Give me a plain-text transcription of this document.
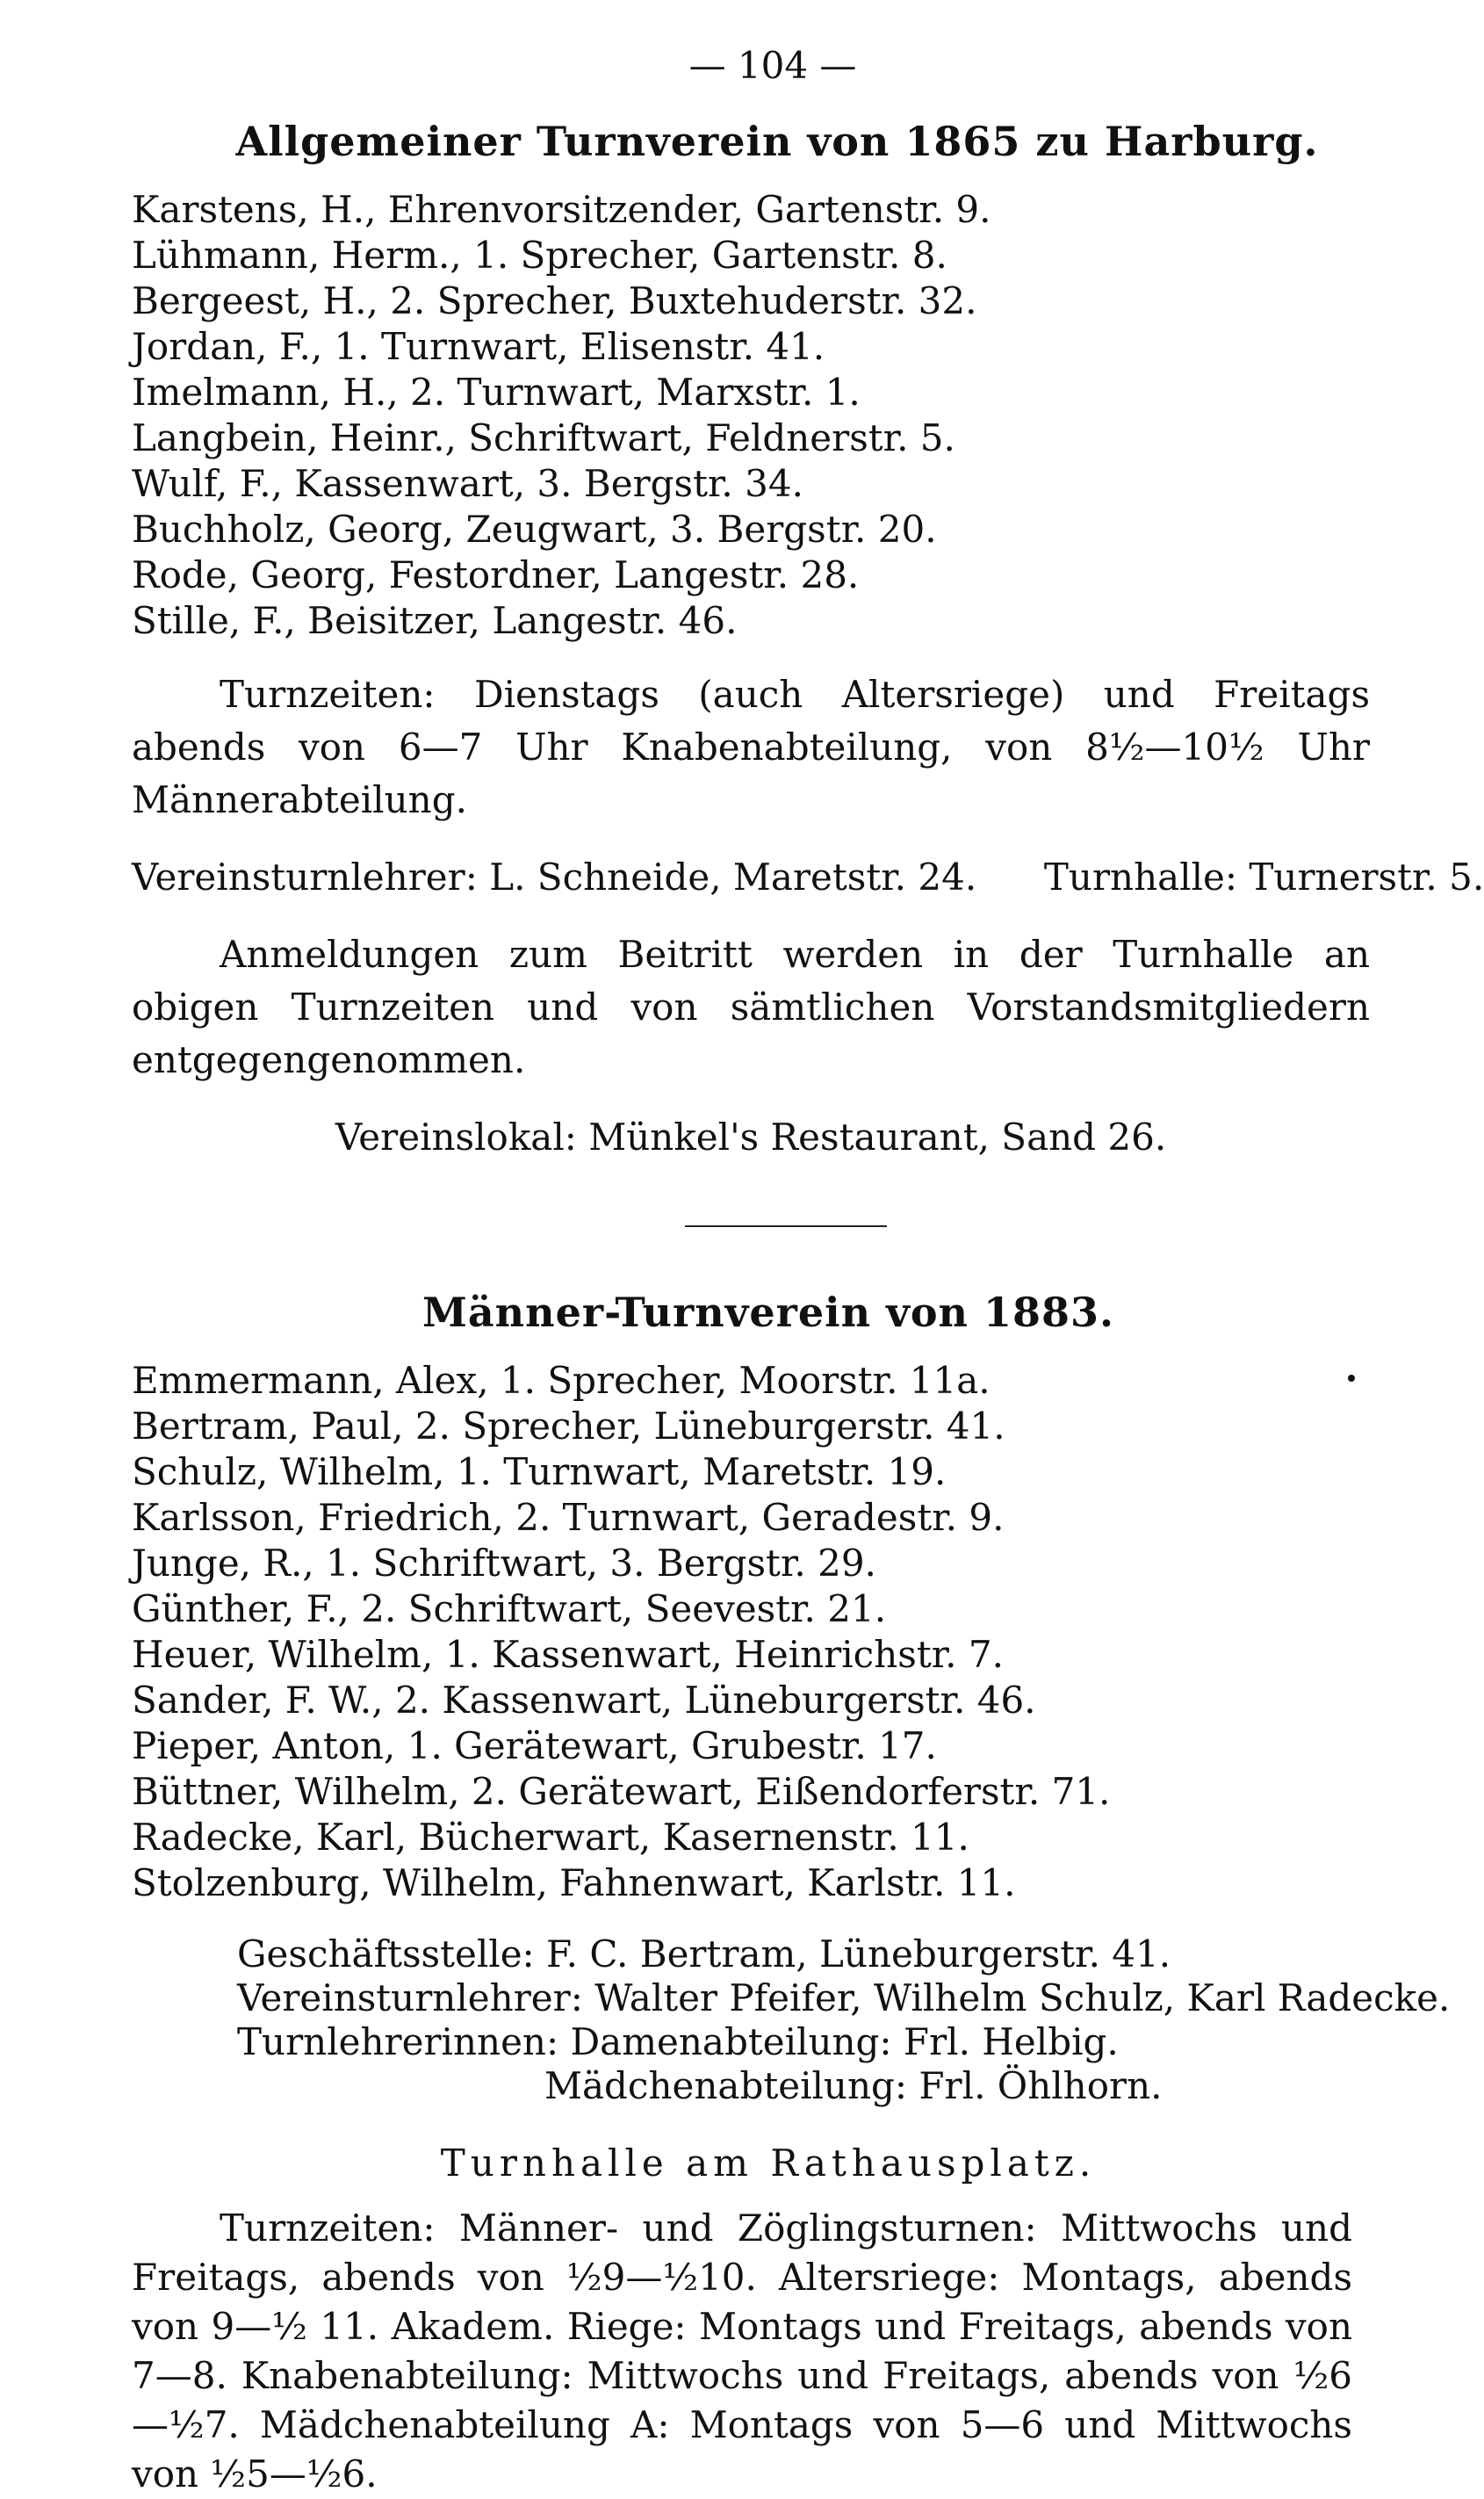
— 104 —
Allgemeiner Turnverein von 1865 zu Harburg.
Karstens, H., Ehrenvorsitzender, Gartenstr. 9.
Lühmann, Herm., 1. Sprecher, Gartenstr. 8.
Bergeest, H., 2. Sprecher, Buxtehuderstr. 32.
Jordan, F., 1. Turnwart, Elisenstr. 41.
Imelmann, H., 2. Turnwart, Marxstr. 1.
Langbein, Heinr., Schriftwart, Feldnerstr. 5.
Wulf, F., Kassenwart, 3. Bergstr. 34.
Buchholz, Georg, Zeugwart, 3. Bergstr. 20.
Rode, Georg, Festordner, Langestr. 28.
Stille, F., Beisitzer, Langestr. 46.

Turnzeiten: Dienstags (auch Altersriege) und Freitags abends von 6—7 Uhr Knabenabteilung, von 8½—10½ Uhr Männerabteilung.

Vereinsturnlehrer: L. Schneide, Maretstr. 24. Turnhalle: Turnerstr. 5.

Anmeldungen zum Beitritt werden in der Turnhalle an obigen Turnzeiten und von sämtlichen Vorstandsmitgliedern entgegengenommen.

Vereinslokal: Münkel's Restaurant, Sand 26.

Männer-Turnverein von 1883.
Emmermann, Alex, 1. Sprecher, Moorstr. 11a.
Bertram, Paul, 2. Sprecher, Lüneburgerstr. 41.
Schulz, Wilhelm, 1. Turnwart, Maretstr. 19.
Karlsson, Friedrich, 2. Turnwart, Geradestr. 9.
Junge, R., 1. Schriftwart, 3. Bergstr. 29.
Günther, F., 2. Schriftwart, Seevestr. 21.
Heuer, Wilhelm, 1. Kassenwart, Heinrichstr. 7.
Sander, F. W., 2. Kassenwart, Lüneburgerstr. 46.
Pieper, Anton, 1. Gerätewart, Grubestr. 17.
Büttner, Wilhelm, 2. Gerätewart, Eißendorferstr. 71.
Radecke, Karl, Bücherwart, Kasernenstr. 11.
Stolzenburg, Wilhelm, Fahnenwart, Karlstr. 11.
Geschäftsstelle: F. C. Bertram, Lüneburgerstr. 41.
Vereinsturnlehrer: Walter Pfeifer, Wilhelm Schulz, Karl Radecke.
Turnlehrerinnen: Damenabteilung: Frl. Helbig.
Mädchenabteilung: Frl. Öhlhorn.
Turnhalle am Rathausplatz.

Turnzeiten: Männer- und Zöglingsturnen: Mittwochs und Freitags, abends von ½9—½10. Altersriege: Montags, abends von 9—½ 11. Akadem. Riege: Montags und Freitags, abends von 7—8. Knabenabteilung: Mittwochs und Freitags, abends von ½6—½7. Mädchenabteilung A: Montags von 5—6 und Mittwochs von ½5—½6.
